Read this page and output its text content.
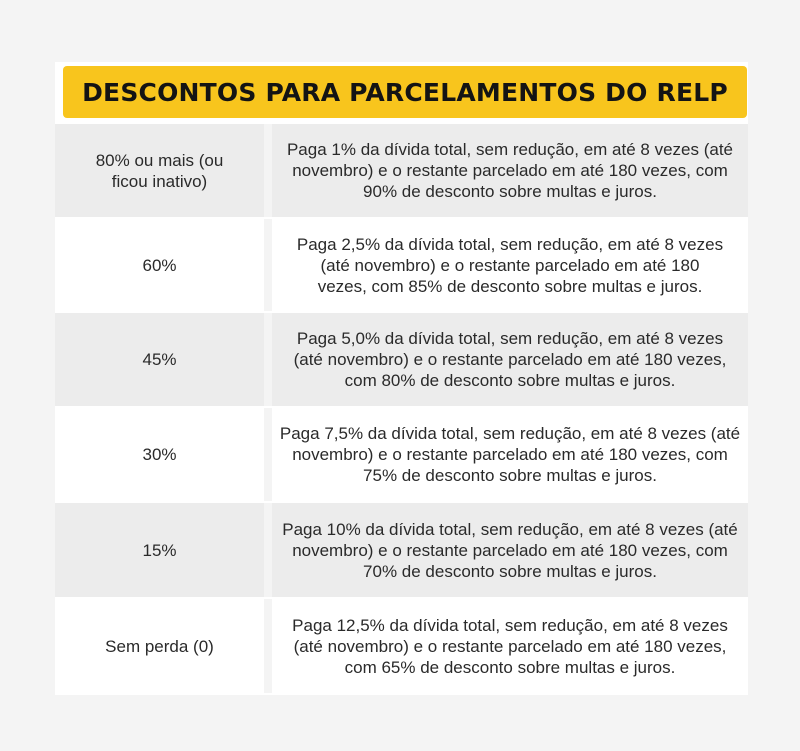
DESCONTOS PARA PARCELAMENTOS DO RELP
80% ou mais (ou ficou inativo)
Paga 1% da dívida total, sem redução, em até 8 vezes (até novembro) e o restante parcelado em até 180 vezes, com 90% de desconto sobre multas e juros.
60%
Paga 2,5% da dívida total, sem redução, em até 8 vezes (até novembro) e o restante parcelado em até 180 vezes, com 85% de desconto sobre multas e juros.
45%
Paga 5,0% da dívida total, sem redução, em até 8 vezes (até novembro) e o restante parcelado em até 180 vezes, com 80% de desconto sobre multas e juros.
30%
Paga 7,5% da dívida total, sem redução, em até 8 vezes (até novembro) e o restante parcelado em até 180 vezes, com 75% de desconto sobre multas e juros.
15%
Paga 10% da dívida total, sem redução, em até 8 vezes (até novembro) e o restante parcelado em até 180 vezes, com 70% de desconto sobre multas e juros.
Sem perda (0)
Paga 12,5% da dívida total, sem redução, em até 8 vezes (até novembro) e o restante parcelado em até 180 vezes, com 65% de desconto sobre multas e juros.
